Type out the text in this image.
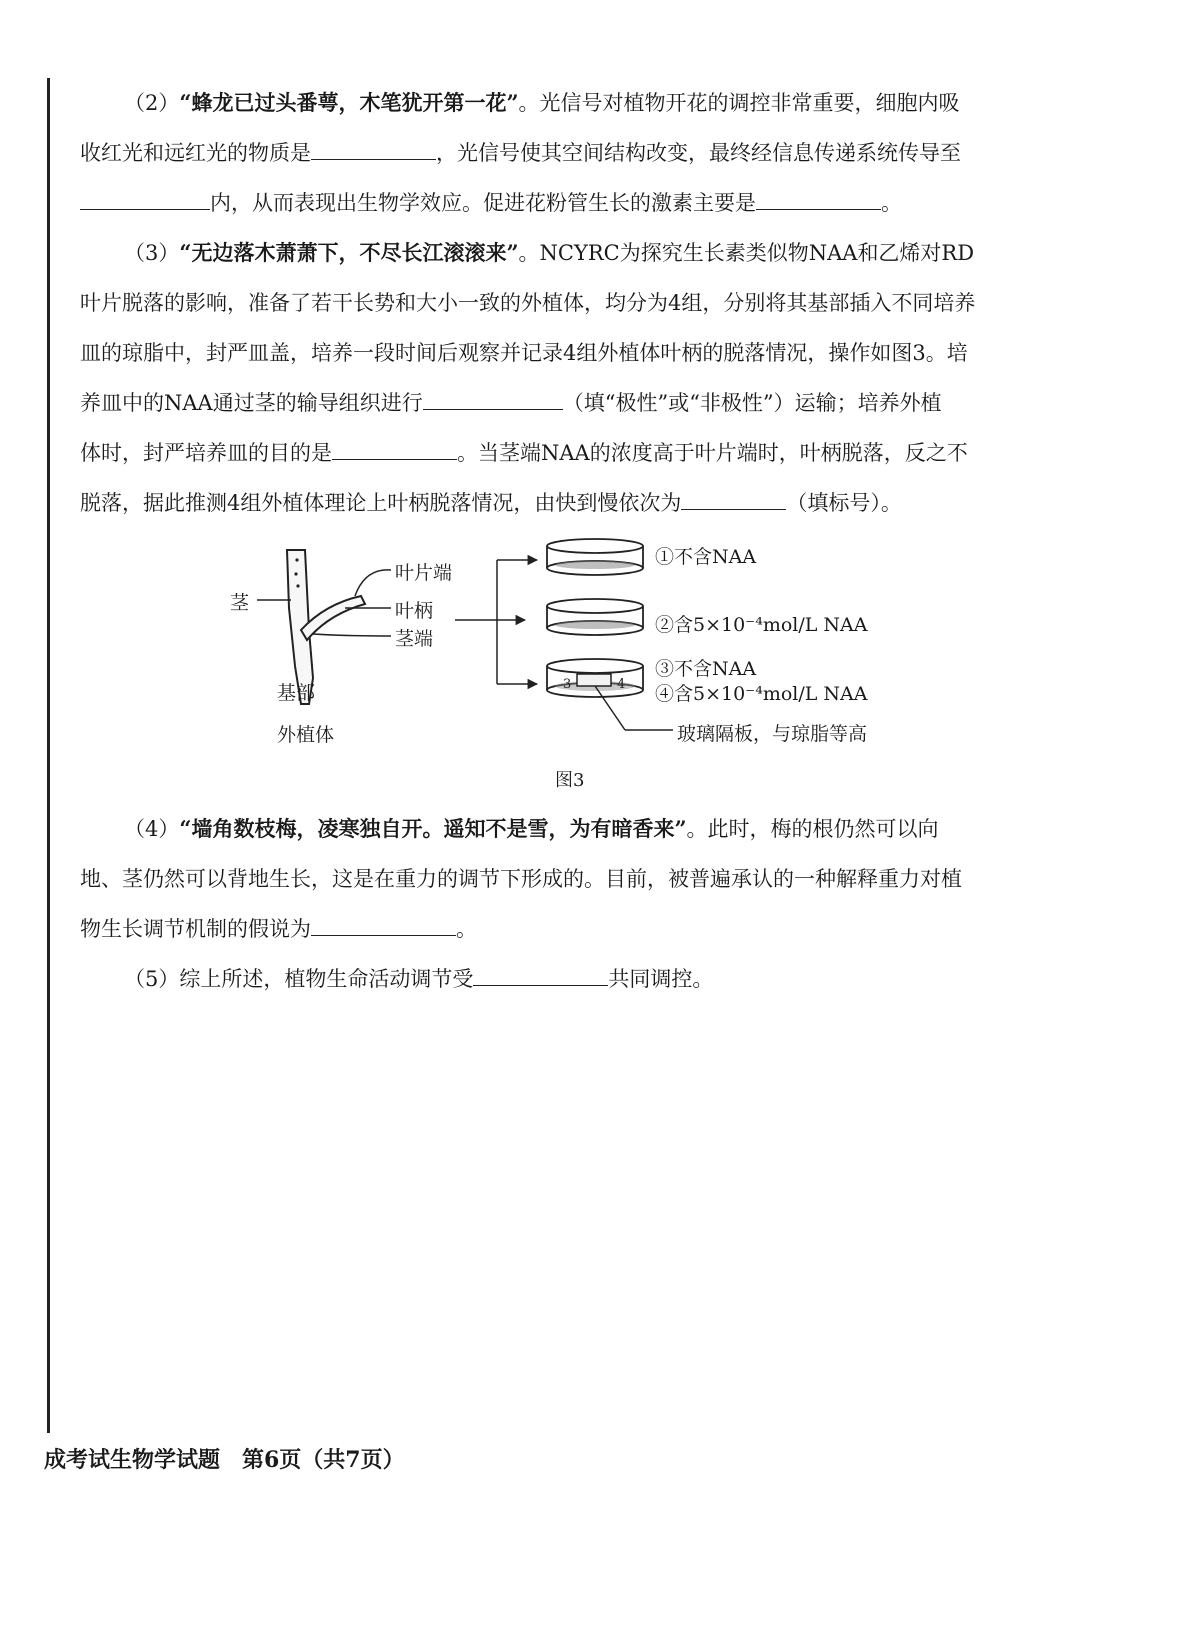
（2）“蜂龙已过头番萼，木笔犹开第一花”。光信号对植物开花的调控非常重要，细胞内吸

收红光和远红光的物质是	，光信号使其空间结构改变，最终经信息传递系统传导至

内，从而表现出生物学效应。促进花粉管生长的激素主要是	。

（3）“无边落木萧萧下，不尽长江滚滚来”。NCYRC为探究生长素类似物NAA和乙烯对RD

叶片脱落的影响，准备了若干长势和大小一致的外植体，均分为4组，分别将其基部插入不同培养

皿的琼脂中，封严皿盖，培养一段时间后观察并记录4组外植体叶柄的脱落情况，操作如图3。培

养皿中的NAA通过茎的输导组织进行	（填“极性”或“非极性”）运输；培养外植

体时，封严培养皿的目的是	。当茎端NAA的浓度高于叶片端时，叶柄脱落，反之不

脱落，据此推测4组外植体理论上叶柄脱落情况，由快到慢依次为	（填标号）。

3	4
茎
叶片端
叶柄
茎端
基部
外植体
①不含NAA
②含5×10⁻⁴mol/L NAA
③不含NAA
④含5×10⁻⁴mol/L NAA
玻璃隔板，与琼脂等高
图3

（4）“墙角数枝梅，凌寒独自开。遥知不是雪，为有暗香来”。此时，梅的根仍然可以向

地、茎仍然可以背地生长，这是在重力的调节下形成的。目前，被普遍承认的一种解释重力对植

物生长调节机制的假说为	。

（5）综上所述，植物生命活动调节受	共同调控。

成考试生物学试题　第6页（共7页）
